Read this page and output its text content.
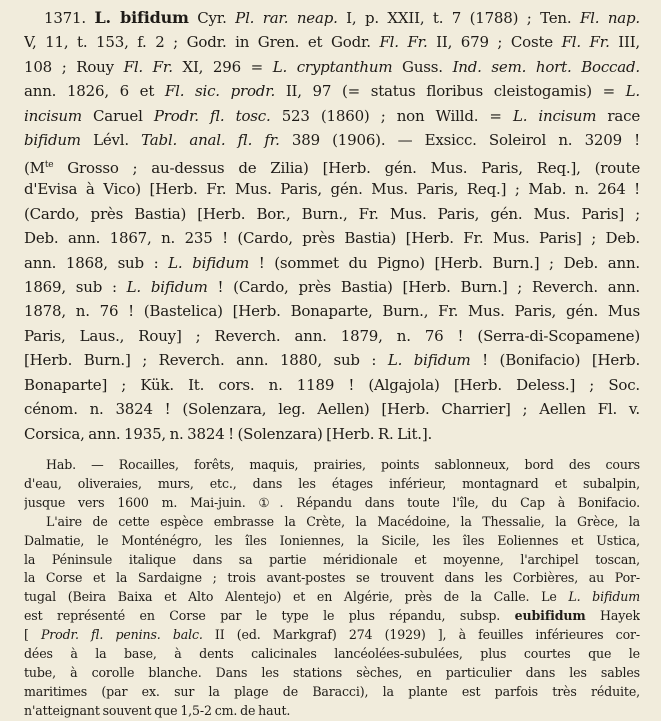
1371. L. bifidum Cyr. Pl. rar. neap. I, p. XXII, t. 7 (1788) ; Ten. Fl. nap.

V, 11, t. 153, f. 2 ; Godr. in Gren. et Godr. Fl. Fr. II, 679 ; Coste Fl. Fr. III,

108 ; Rouy Fl. Fr. XI, 296 = L. cryptanthum Guss. Ind. sem. hort. Boccad.

ann. 1826, 6 et Fl. sic. prodr. II, 97 (= status floribus cleistogamis) = L.

incisum Caruel Prodr. fl. tosc. 523 (1860) ; non Willd. = L. incisum race

bifidum Lévl. Tabl. anal. fl. fr. 389 (1906). — Exsicc. Soleirol n. 3209 !

($M^{te}$ Grosso ; au-dessus de Zilia) [Herb. gén. Mus. Paris, Req.], (route

d'Evisa à Vico) [Herb. Fr. Mus. Paris, gén. Mus. Paris, Req.] ; Mab. n. 264 !

(Cardo, près Bastia) [Herb. Bor., Burn., Fr. Mus. Paris, gén. Mus. Paris] ;

Deb. ann. 1867, n. 235 ! (Cardo, près Bastia) [Herb. Fr. Mus. Paris] ; Deb.

ann. 1868, sub : L. bifidum ! (sommet du Pigno) [Herb. Burn.] ; Deb. ann.

1869, sub : L. bifidum ! (Cardo, près Bastia) [Herb. Burn.] ; Reverch. ann.

1878, n. 76 ! (Bastelica) [Herb. Bonaparte, Burn., Fr. Mus. Paris, gén. Mus

Paris, Laus., Rouy] ; Reverch. ann. 1879, n. 76 ! (Serra-di-Scopamene)

[Herb. Burn.] ; Reverch. ann. 1880, sub : L. bifidum ! (Bonifacio) [Herb.

Bonaparte] ; Kük. It. cors. n. 1189 ! (Algajola) [Herb. Deless.] ; Soc.

cénom. n. 3824 ! (Solenzara, leg. Aellen) [Herb. Charrier] ; Aellen Fl. v.

Corsica, ann. 1935, n. 3824 ! (Solenzara) [Herb. R. Lit.].

Hab. — Rocailles, forêts, maquis, prairies, points sablonneux, bord des cours

d'eau, oliveraies, murs, etc., dans les étages inférieur, montagnard et subalpin,

jusque vers 1600 m. Mai-juin. ①. Répandu dans toute l'île, du Cap à Bonifacio.

L'aire de cette espèce embrasse la Crète, la Macédoine, la Thessalie, la Grèce, la

Dalmatie, le Monténégro, les îles Ioniennes, la Sicile, les îles Eoliennes et Ustica,

la Péninsule italique dans sa partie méridionale et moyenne, l'archipel toscan,

la Corse et la Sardaigne ; trois avant-postes se trouvent dans les Corbières, au Por-

tugal (Beira Baixa et Alto Alentejo) et en Algérie, près de la Calle. Le L. bifidum

est représenté en Corse par le type le plus répandu, subsp. eubifidum Hayek

[ Prodr. fl. penins. balc. II (ed. Markgraf) 274 (1929) ], à feuilles inférieures cor-

dées à la base, à dents calicinales lancéolées-subulées, plus courtes que le

tube, à corolle blanche. Dans les stations sèches, en particulier dans les sables

maritimes (par ex. sur la plage de Baracci), la plante est parfois très réduite,

n'atteignant souvent que 1,5-2 cm. de haut.
